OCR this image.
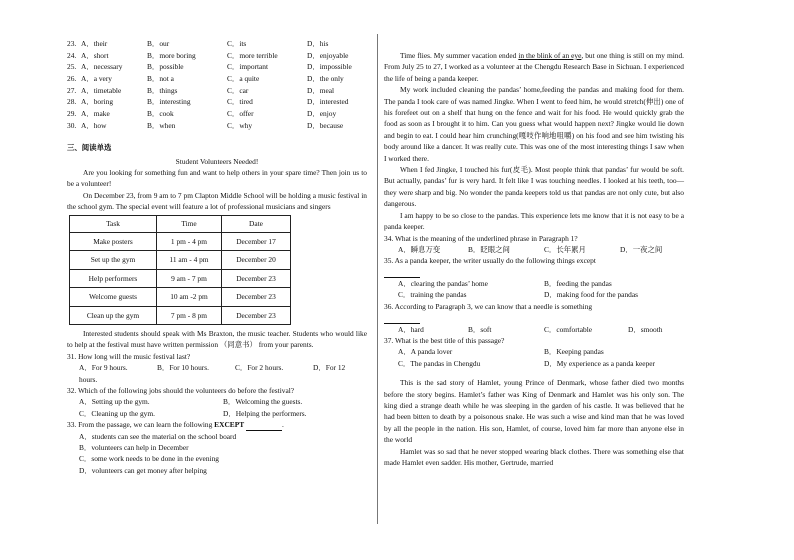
23. A．their	B．our	C．its	D．his
24. A．short	B．more boring	C．more terrible	D．enjoyable
25. A．necessary	B．possible	C．important	D．impossible
26. A．a very	B．not a	C．a quite	D．the only
27. A．timetable	B．things	C．car	D．meal
28. A．boring	B．interesting	C．tired	D．interested
29. A．make	B．cook	C．offer	D．enjoy
30. A．how	B．when	C．why	D．because
三、阅读单选
Student Volunteers Needed!

Are you looking for something fun and want to help others in your spare time? Then join us to be a volunteer!

On December 23, from 9 am to 7 pm Clapton Middle School will be holding a music festival in the school gym. The special event will feature a lot of professional musicians and singers

Task	Time	Date
Make posters	1 pm - 4 pm	December 17
Set up the gym	11 am - 4 pm	December 20
Help performers	9 am - 7 pm	December 23
Welcome guests	10 am -2 pm	December 23
Clean up the gym	7 pm - 8 pm	December 23

Interested students should speak with Ms Braxton, the music teacher. Students who would like to help at the festival must have written permission （同意书） from your parents.

31. How long will the music festival last?
A．For 9 hours.	B．For 10 hours.	C．For 2 hours.	D．For 12
hours.
32. Which of the following jobs should the volunteers do before the festival?
A．Setting up the gym.	B．Welcoming the guests.
C．Cleaning up the gym.	D．Helping the performers.
33. From the passage, we can learn the following EXCEPT	.
A．students can see the material on the school board
B．volunteers can help in December
C．some work needs to be done in the evening
D．volunteers can get money after helping

Time flies. My summer vacation ended in the blink of an eye, but one thing is still on my mind. From July 25 to 27, I worked as a volunteer at the Chengdu Research Base in Sichuan. I experienced the life of being a panda keeper.

My work included cleaning the pandas’ home,feeding the pandas and making food for them. The panda I took care of was named Jingke. When I went to feed him, he would stretch(伸出) one of his forefeet out on a shelf that hung on the fence and wait for his food. He would quickly grab the food as soon as I brought it to him. Can you guess what would happen next? Jingke would lie down and begin to eat. I could hear him crunching(嘎吱作响地咀嚼) on his food and see him twisting his body around like a dancer. It was really cute. This was one of the most interesting things I saw when I worked there.

When I fed Jingke, I touched his fur(皮毛). Most people think that pandas’ fur would be soft. But actually, pandas’ fur is very hard. It felt like I was touching needles. I looked at his teeth, too—they were sharp and big. No wonder the panda keepers told us that pandas are not only cute, but also dangerous.

I am happy to be so close to the pandas. This experience lets me know that it is not easy to be a panda keeper.

34. What is the meaning of the underlined phrase in Paragraph 1?
A．瞬息万变	B．眨眼之间	C．长年累月	D．一夜之间
35. As a panda keeper, the writer usually do the following things except
A．clearing the pandas’ home	B．feeding the pandas
C．training the pandas	D．making food for the pandas
36. According to Paragraph 3, we can know that a needle is something
A．hard	B．soft	C．comfortable	D．smooth
37. What is the best title of this passage?
A．A panda lover	B．Keeping pandas
C．The pandas in Chengdu	D．My experience as a panda keeper

This is the sad story of Hamlet, young Prince of Denmark, whose father died two months before the story begins. Hamlet’s father was King of Denmark and Hamlet was his only son. The king died a strange death while he was sleeping in the garden of his castle. It was believed that he had been bitten to death by a poisonous snake. He was such a wise and kind man that he was loved by all the people in the nation. His son, Hamlet, of course, loved him far more than anyone else in the world

Hamlet was so sad that he never stopped wearing black clothes. There was something else that made Hamlet even sadder. His mother, Gertrude, married
